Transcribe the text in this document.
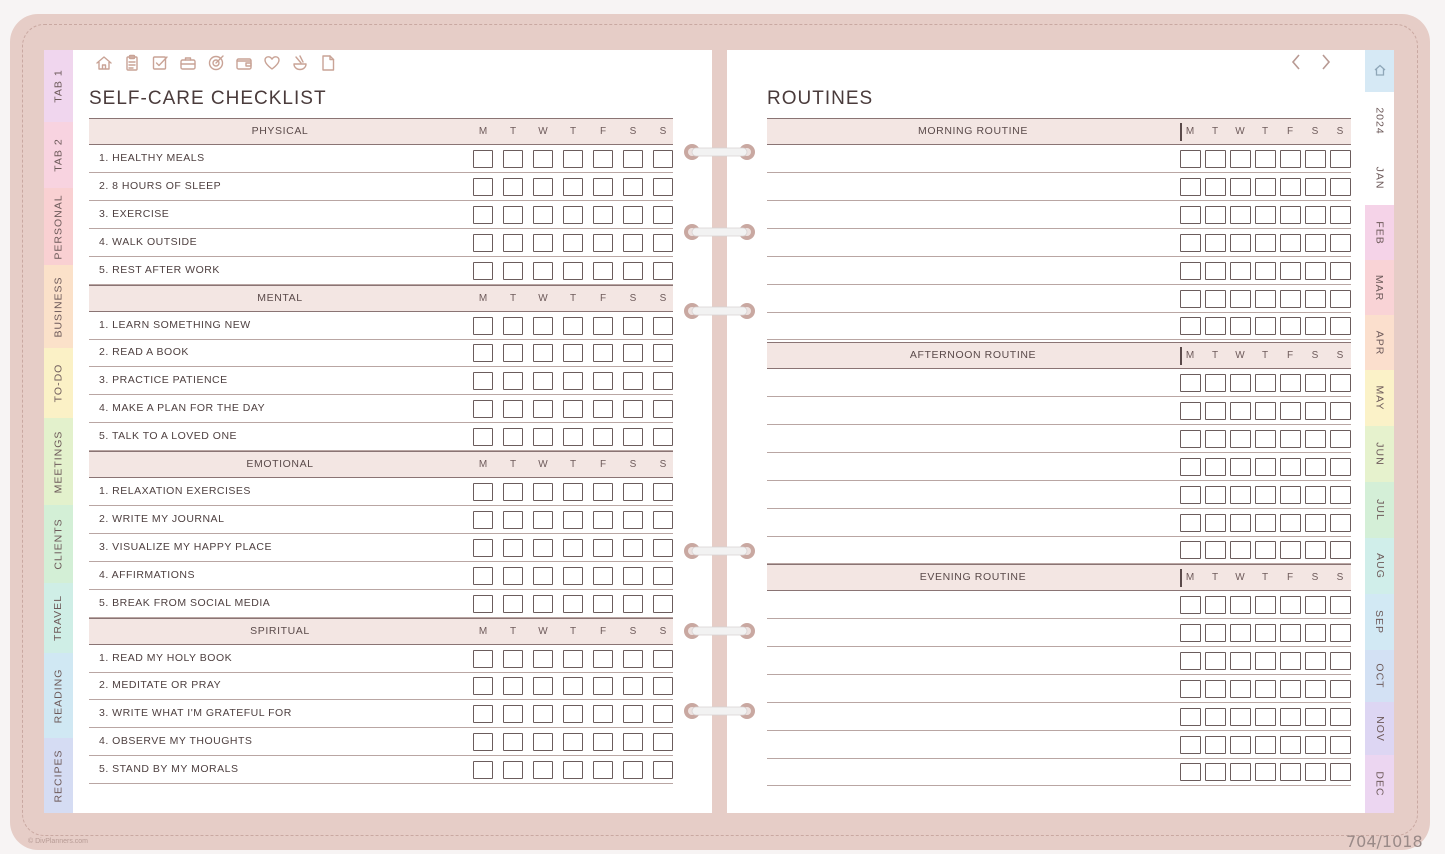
TAB 1
TAB 2
PERSONAL
BUSINESS
TO-DO
MEETINGS
CLIENTS
TRAVEL
READING
RECIPES
2024
JAN
FEB
MAR
APR
MAY
JUN
JUL
AUG
SEP
OCT
NOV
DEC
SELF-CARE CHECKLIST	ROUTINES
PHYSICAL	M	T	W	T	F	S	S
1. HEALTHY MEALS
2. 8 HOURS OF SLEEP
3. EXERCISE
4. WALK OUTSIDE
5. REST AFTER WORK
MENTAL	M	T	W	T	F	S	S
1. LEARN SOMETHING NEW
2. READ A BOOK
3. PRACTICE PATIENCE
4. MAKE A PLAN FOR THE DAY
5. TALK TO A LOVED ONE
EMOTIONAL	M	T	W	T	F	S	S
1. RELAXATION EXERCISES
2. WRITE MY JOURNAL
3. VISUALIZE MY HAPPY PLACE
4. AFFIRMATIONS
5. BREAK FROM SOCIAL MEDIA
SPIRITUAL	M	T	W	T	F	S	S
1. READ MY HOLY BOOK
2. MEDITATE OR PRAY
3. WRITE WHAT I'M GRATEFUL FOR
4. OBSERVE MY THOUGHTS
5. STAND BY MY MORALS
MORNING ROUTINE	M	T	W	T	F	S	S
AFTERNOON ROUTINE	M	T	W	T	F	S	S
EVENING ROUTINE	M	T	W	T	F	S	S
© DivPlanners.com	704/1018
